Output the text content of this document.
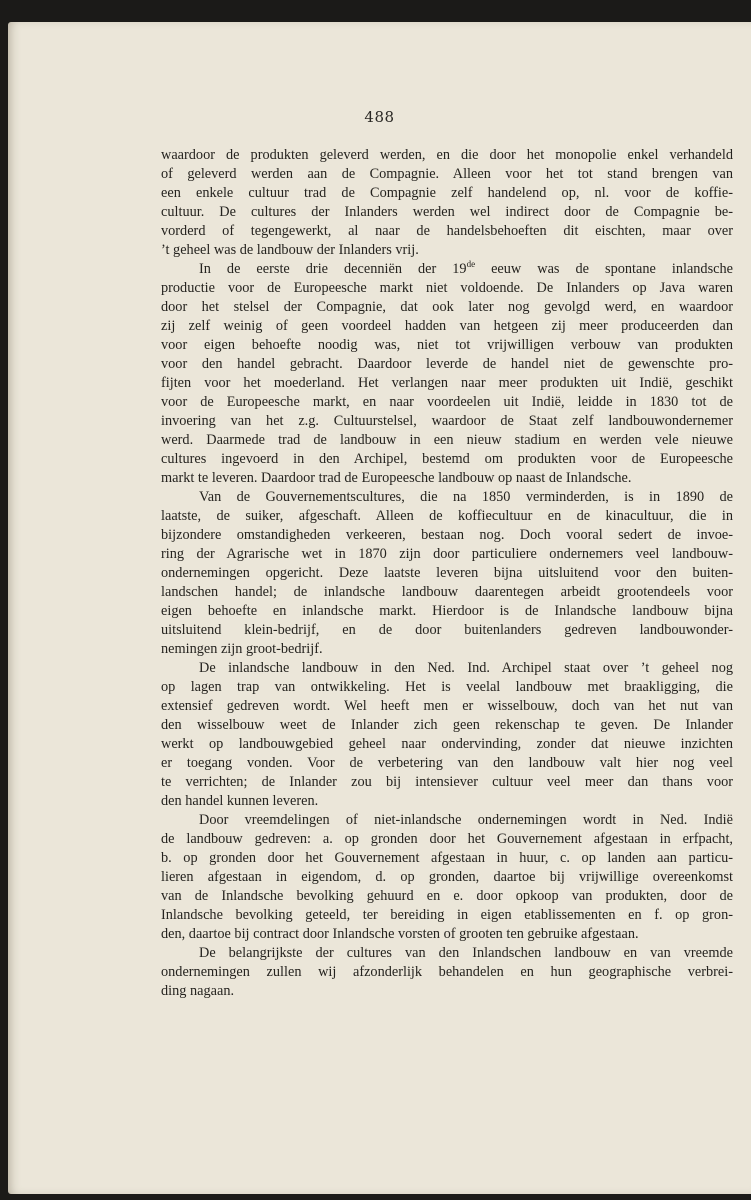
488
waardoor de produkten geleverd werden, en die door het monopolie enkel verhandeld
of geleverd werden aan de Compagnie. Alleen voor het tot stand brengen van
een enkele cultuur trad de Compagnie zelf handelend op, nl. voor de koffie-
cultuur. De cultures der Inlanders werden wel indirect door de Compagnie be-
vorderd of tegengewerkt, al naar de handelsbehoeften dit eischten, maar over
’t geheel was de landbouw der Inlanders vrij.
In de eerste drie decenniën der 19de eeuw was de spontane inlandsche
productie voor de Europeesche markt niet voldoende. De Inlanders op Java waren
door het stelsel der Compagnie, dat ook later nog gevolgd werd, en waardoor
zij zelf weinig of geen voordeel hadden van hetgeen zij meer produceerden dan
voor eigen behoefte noodig was, niet tot vrijwilligen verbouw van produkten
voor den handel gebracht. Daardoor leverde de handel niet de gewenschte pro-
fijten voor het moederland. Het verlangen naar meer produkten uit Indië, geschikt
voor de Europeesche markt, en naar voordeelen uit Indië, leidde in 1830 tot de
invoering van het z.g. Cultuurstelsel, waardoor de Staat zelf landbouwondernemer
werd. Daarmede trad de landbouw in een nieuw stadium en werden vele nieuwe
cultures ingevoerd in den Archipel, bestemd om produkten voor de Europeesche
markt te leveren. Daardoor trad de Europeesche landbouw op naast de Inlandsche.
Van de Gouvernementscultures, die na 1850 verminderden, is in 1890 de
laatste, de suiker, afgeschaft. Alleen de koffiecultuur en de kinacultuur, die in
bijzondere omstandigheden verkeeren, bestaan nog. Doch vooral sedert de invoe-
ring der Agrarische wet in 1870 zijn door particuliere ondernemers veel landbouw-
ondernemingen opgericht. Deze laatste leveren bijna uitsluitend voor den buiten-
landschen handel; de inlandsche landbouw daarentegen arbeidt grootendeels voor
eigen behoefte en inlandsche markt. Hierdoor is de Inlandsche landbouw bijna
uitsluitend klein-bedrijf, en de door buitenlanders gedreven landbouwonder-
nemingen zijn groot-bedrijf.
De inlandsche landbouw in den Ned. Ind. Archipel staat over ’t geheel nog
op lagen trap van ontwikkeling. Het is veelal landbouw met braakligging, die
extensief gedreven wordt. Wel heeft men er wisselbouw, doch van het nut van
den wisselbouw weet de Inlander zich geen rekenschap te geven. De Inlander
werkt op landbouwgebied geheel naar ondervinding, zonder dat nieuwe inzichten
er toegang vonden. Voor de verbetering van den landbouw valt hier nog veel
te verrichten; de Inlander zou bij intensiever cultuur veel meer dan thans voor
den handel kunnen leveren.
Door vreemdelingen of niet-inlandsche ondernemingen wordt in Ned. Indië
de landbouw gedreven: a. op gronden door het Gouvernement afgestaan in erfpacht,
b. op gronden door het Gouvernement afgestaan in huur, c. op landen aan particu-
lieren afgestaan in eigendom, d. op gronden, daartoe bij vrijwillige overeenkomst
van de Inlandsche bevolking gehuurd en e. door opkoop van produkten, door de
Inlandsche bevolking geteeld, ter bereiding in eigen etablissementen en f. op gron-
den, daartoe bij contract door Inlandsche vorsten of grooten ten gebruike afgestaan.
De belangrijkste der cultures van den Inlandschen landbouw en van vreemde
ondernemingen zullen wij afzonderlijk behandelen en hun geographische verbrei-
ding nagaan.
